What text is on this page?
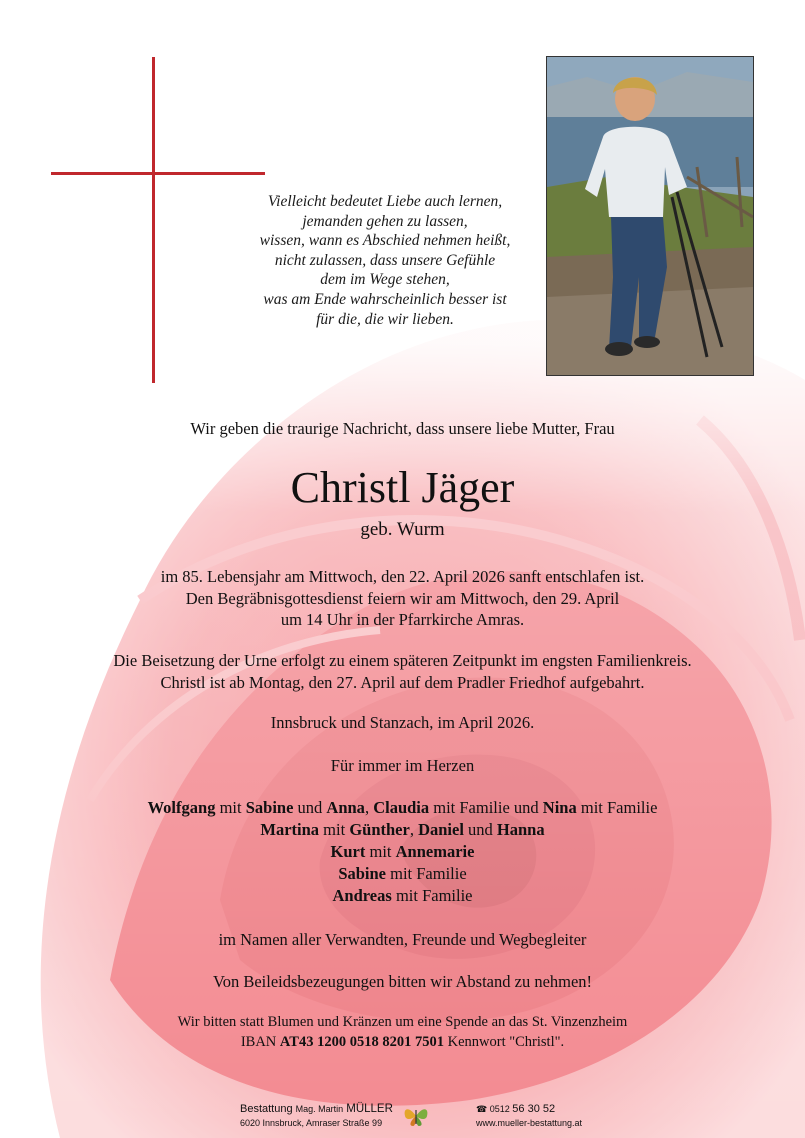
Vielleicht bedeutet Liebe auch lernen,
jemanden gehen zu lassen,
wissen, wann es Abschied nehmen heißt,
nicht zulassen, dass unsere Gefühle
dem im Wege stehen,
was am Ende wahrscheinlich besser ist
für die, die wir lieben.
Wir geben die traurige Nachricht, dass unsere liebe Mutter, Frau
Christl Jäger
geb. Wurm
im 85. Lebensjahr am Mittwoch, den 22. April 2026 sanft entschlafen ist.
Den Begräbnisgottesdienst feiern wir am Mittwoch, den 29. April
um 14 Uhr in der Pfarrkirche Amras.
Die Beisetzung der Urne erfolgt zu einem späteren Zeitpunkt im engsten Familienkreis.
Christl ist ab Montag, den 27. April auf dem Pradler Friedhof aufgebahrt.
Innsbruck und Stanzach, im April 2026.
Für immer im Herzen
Wolfgang mit Sabine und Anna, Claudia mit Familie und Nina mit Familie
Martina mit Günther, Daniel und Hanna
Kurt mit Annemarie
Sabine mit Familie
Andreas mit Familie
im Namen aller Verwandten, Freunde und Wegbegleiter
Von Beileidsbezeugungen bitten wir Abstand zu nehmen!
Wir bitten statt Blumen und Kränzen um eine Spende an das St. Vinzenzheim
IBAN AT43 1200 0518 8201 7501 Kennwort "Christl".
Bestattung Mag. Martin MÜLLER
6020 Innsbruck, Amraser Straße 99
☎ 0512 56 30 52
www.mueller-bestattung.at
